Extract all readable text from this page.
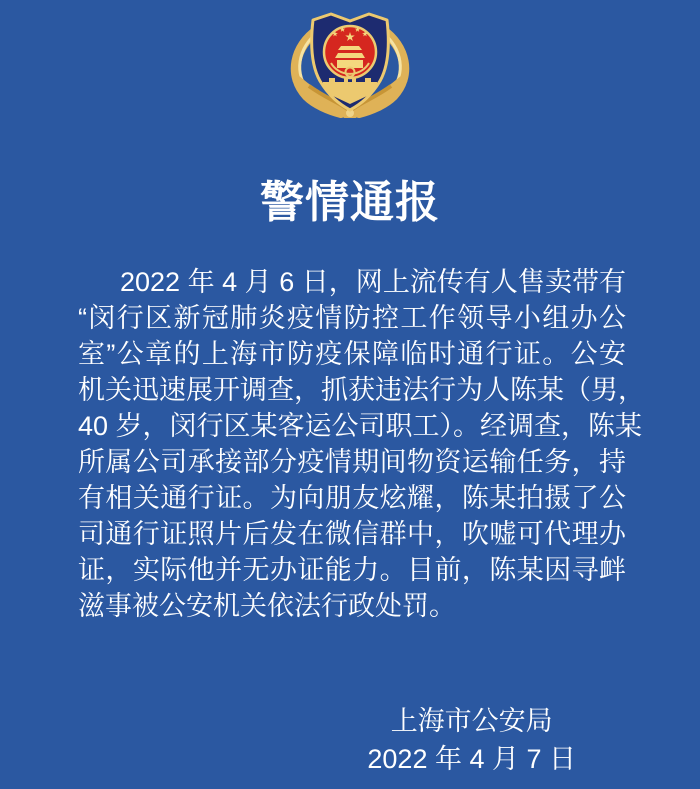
警情通报
2022 年 4 月 6 日，网上流传有人售卖带有
“闵行区新冠肺炎疫情防控工作领导小组办公
室”公章的上海市防疫保障临时通行证。公安
机关迅速展开调查，抓获违法行为人陈某（男，
40 岁，闵行区某客运公司职工）。经调查，陈某
所属公司承接部分疫情期间物资运输任务，持
有相关通行证。为向朋友炫耀，陈某拍摄了公
司通行证照片后发在微信群中，吹嘘可代理办
证，实际他并无办证能力。目前，陈某因寻衅
滋事被公安机关依法行政处罚。
上海市公安局
2022 年 4 月 7 日
